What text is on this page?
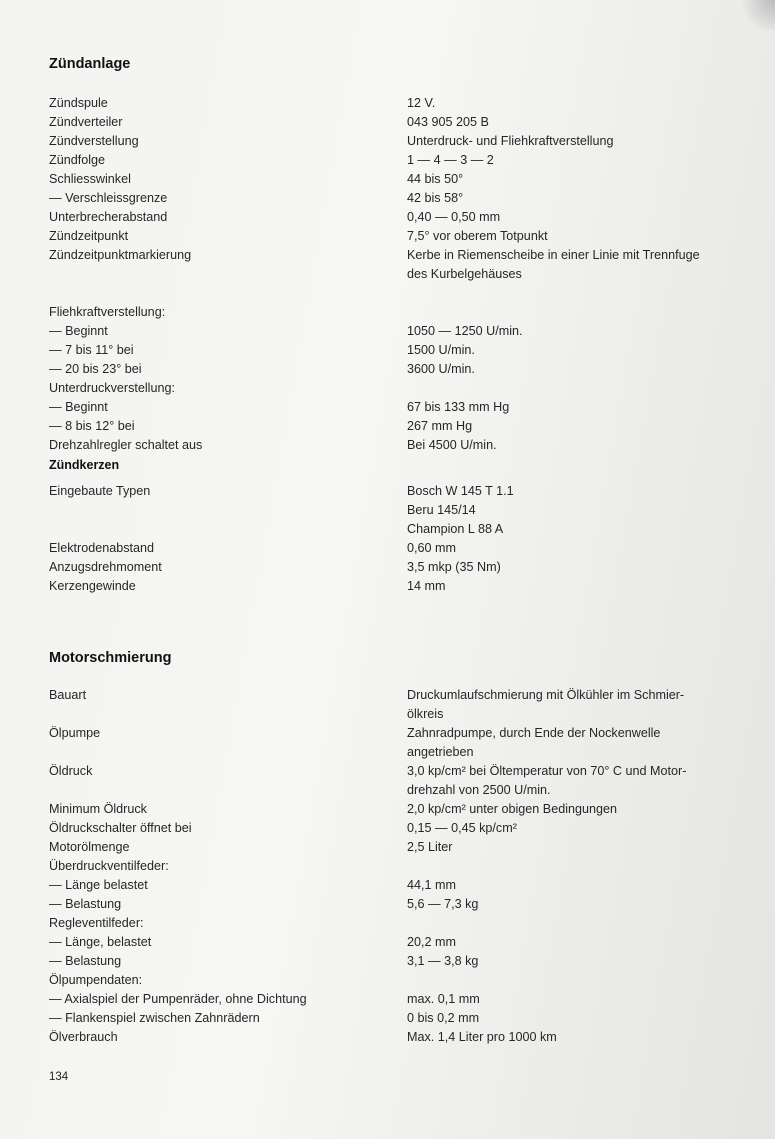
Zündanlage
Zündspule	12 V.
Zündverteiler	043 905 205 B
Zündverstellung	Unterdruck- und Fliehkraftverstellung
Zündfolge	1 — 4 — 3 — 2
Schliesswinkel	44 bis 50°
— Verschleissgrenze	42 bis 58°
Unterbrecherabstand	0,40 — 0,50 mm
Zündzeitpunkt	7,5° vor oberem Totpunkt
Zündzeitpunktmarkierung	Kerbe in Riemenscheibe in einer Linie mit Trennfuge
des Kurbelgehäuses

Fliehkraftverstellung:
— Beginnt	1050 — 1250 U/min.
— 7 bis 11° bei	1500 U/min.
— 20 bis 23° bei	3600 U/min.
Unterdruckverstellung:
— Beginnt	67 bis 133 mm Hg
— 8 bis 12° bei	267 mm Hg
Drehzahlregler schaltet aus	Bei 4500 U/min.
Zündkerzen
Eingebaute Typen	Bosch W 145 T 1.1
Beru 145/14
Champion L 88 A
Elektrodenabstand	0,60 mm
Anzugsdrehmoment	3,5 mkp (35 Nm)
Kerzengewinde	14 mm
Motorschmierung
Bauart	Druckumlaufschmierung mit Ölkühler im Schmier-
ölkreis
Ölpumpe	Zahnradpumpe, durch Ende der Nockenwelle
angetrieben
Öldruck	3,0 kp/cm² bei Öltemperatur von 70° C und Motor-
drehzahl von 2500 U/min.
Minimum Öldruck	2,0 kp/cm² unter obigen Bedingungen
Öldruckschalter öffnet bei	0,15 — 0,45 kp/cm²
Motorölmenge	2,5 Liter
Überdruckventilfeder:
— Länge belastet	44,1 mm
— Belastung	5,6 — 7,3 kg
Regleventilfeder:
— Länge, belastet	20,2 mm
— Belastung	3,1 — 3,8 kg
Ölpumpendaten:
— Axialspiel der Pumpenräder, ohne Dichtung	max. 0,1 mm
— Flankenspiel zwischen Zahnrädern	0 bis 0,2 mm
Ölverbrauch	Max. 1,4 Liter pro 1000 km
134
